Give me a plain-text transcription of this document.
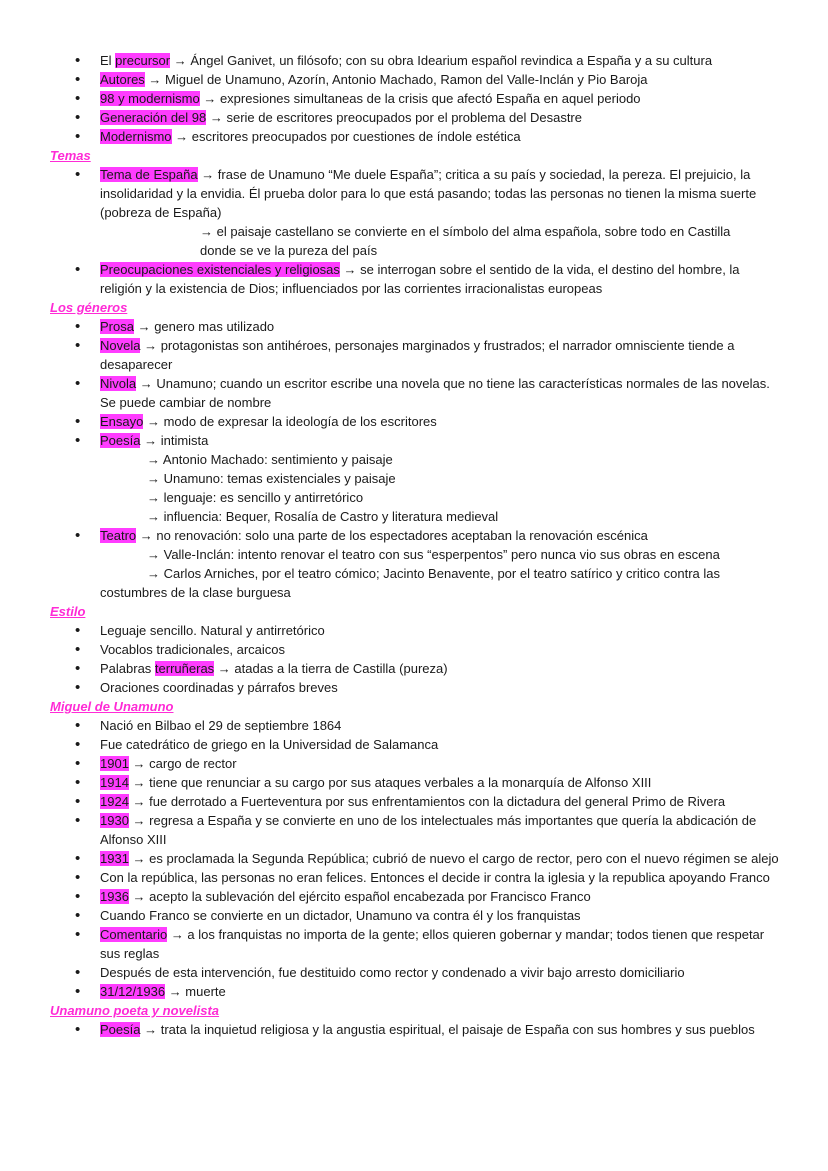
• El precursor → Ángel Ganivet, un filósofo; con su obra Idearium español revindica a España y a su cultura
• Autores → Miguel de Unamuno, Azorín, Antonio Machado, Ramon del Valle-Inclán y Pio Baroja
• 98 y modernismo → expresiones simultaneas de la crisis que afectó España en aquel periodo
• Generación del 98 → serie de escritores preocupados por el problema del Desastre
• Modernismo → escritores preocupados por cuestiones de índole estética
Temas
• Tema de España → frase de Unamuno “Me duele España”; critica a su país y sociedad, la pereza. El prejuicio, la insolidaridad y la envidia. Él prueba dolor para lo que está pasando; todas las personas no tienen la misma suerte (pobreza de España)
→ el paisaje castellano se convierte en el símbolo del alma española, sobre todo en Castilla
donde se ve la pureza del país
• Preocupaciones existenciales y religiosas → se interrogan sobre el sentido de la vida, el destino del hombre, la religión y la existencia de Dios; influenciados por las corrientes irracionalistas europeas
Los géneros
• Prosa → genero mas utilizado
• Novela → protagonistas son antihéroes, personajes marginados y frustrados; el narrador omnisciente tiende a desaparecer
• Nivola → Unamuno; cuando un escritor escribe una novela que no tiene las características normales de las novelas. Se puede cambiar de nombre
• Ensayo → modo de expresar la ideología de los escritores
• Poesía → intimista
→ Antonio Machado: sentimiento y paisaje
→ Unamuno: temas existenciales y paisaje
→ lenguaje: es sencillo y antirretórico
→ influencia: Bequer, Rosalía de Castro y literatura medieval
• Teatro → no renovación: solo una parte de los espectadores aceptaban la renovación escénica
→ Valle-Inclán: intento renovar el teatro con sus “esperpentos” pero nunca vio sus obras en escena
→ Carlos Arniches, por el teatro cómico; Jacinto Benavente, por el teatro satírico y critico contra las
costumbres de la clase burguesa
Estilo
• Leguaje sencillo. Natural y antirretórico
• Vocablos tradicionales, arcaicos
• Palabras terruñeras → atadas a la tierra de Castilla (pureza)
• Oraciones coordinadas y párrafos breves
Miguel de Unamuno
• Nació en Bilbao el 29 de septiembre 1864
• Fue catedrático de griego en la Universidad de Salamanca
• 1901 → cargo de rector
• 1914 → tiene que renunciar a su cargo por sus ataques verbales a la monarquía de Alfonso XIII
• 1924 → fue derrotado a Fuerteventura por sus enfrentamientos con la dictadura del general Primo de Rivera
• 1930 → regresa a España y se convierte en uno de los intelectuales más importantes que quería la abdicación de Alfonso XIII
• 1931 → es proclamada la Segunda República; cubrió de nuevo el cargo de rector, pero con el nuevo régimen se alejo
• Con la república, las personas no eran felices. Entonces el decide ir contra la iglesia y la republica apoyando Franco
• 1936 → acepto la sublevación del ejército español encabezada por Francisco Franco
• Cuando Franco se convierte en un dictador, Unamuno va contra él y los franquistas
• Comentario → a los franquistas no importa de la gente; ellos quieren gobernar y mandar; todos tienen que respetar sus reglas
• Después de esta intervención, fue destituido como rector y condenado a vivir bajo arresto domiciliario
• 31/12/1936 → muerte
Unamuno poeta y novelista
• Poesía → trata la inquietud religiosa y la angustia espiritual, el paisaje de España con sus hombres y sus pueblos
